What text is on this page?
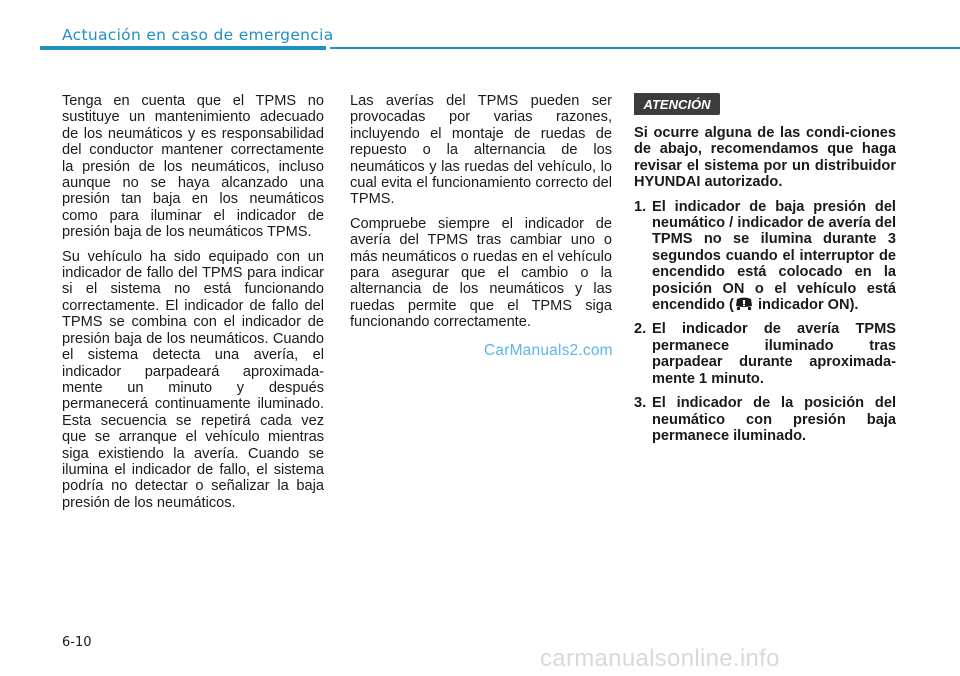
Actuación en caso de emergencia

Tenga en cuenta que el TPMS no sustituye un mantenimiento adecuado de los neumáticos y es responsabilidad del conductor mantener correctamente la presión de los neumáticos, incluso aunque no se haya alcanzado una presión tan baja en los neumáticos como para iluminar el indicador de presión baja de los neumáticos TPMS.

Su vehículo ha sido equipado con un indicador de fallo del TPMS para indicar si el sistema no está funcionando correctamente. El indicador de fallo del TPMS se combina con el indicador de presión baja de los neumáticos. Cuando el sistema detecta una avería, el indicador parpadeará aproximada-mente un minuto y después permanecerá continuamente iluminado. Esta secuencia se repetirá cada vez que se arranque el vehículo mientras siga existiendo la avería. Cuando se ilumina el indicador de fallo, el sistema podría no detectar o señalizar la baja presión de los neumáticos.

Las averías del TPMS pueden ser provocadas por varias razones, incluyendo el montaje de ruedas de repuesto o la alternancia de los neumáticos y las ruedas del vehículo, lo cual evita el funcionamiento correcto del TPMS.

Compruebe siempre el indicador de avería del TPMS tras cambiar uno o más neumáticos o ruedas en el vehículo para asegurar que el cambio o la alternancia de los neumáticos y las ruedas permite que el TPMS siga funcionando correctamente.

ATENCIÓN

Si ocurre alguna de las condi-ciones de abajo, recomendamos que haga revisar el sistema por un distribuidor HYUNDAI autorizado.

1. El indicador de baja presión del neumático / indicador de avería del TPMS no se ilumina durante 3 segundos cuando el interruptor de encendido está colocado en la posición ON o el vehículo está encendido ( indicador ON).
2. El indicador de avería TPMS permanece iluminado tras parpadear durante aproximada-mente 1 minuto.
3. El indicador de la posición del neumático con presión baja permanece iluminado.
CarManuals2.com
6-10
carmanualsonline.info
